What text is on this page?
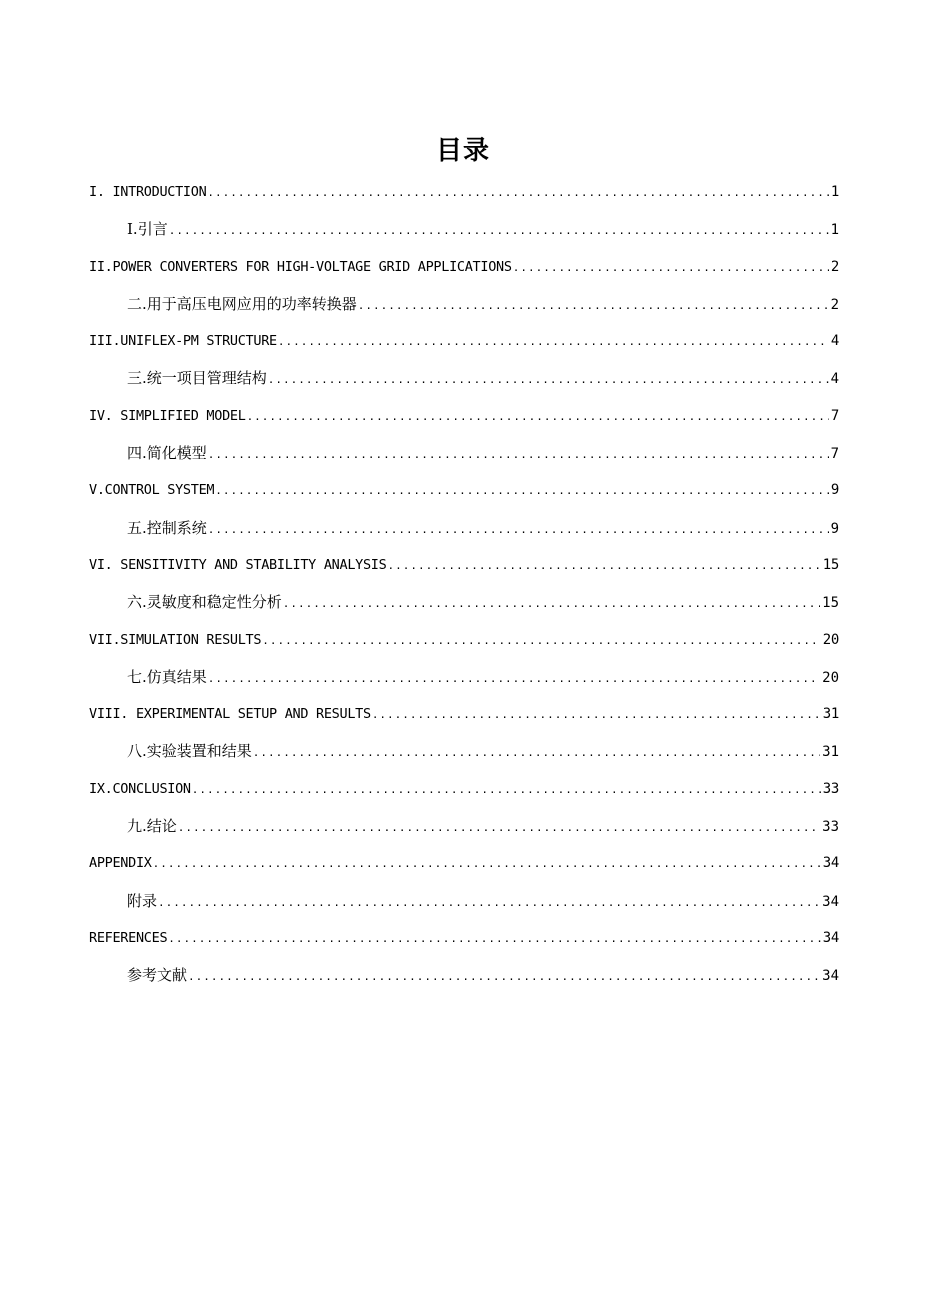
目录
I. INTRODUCTION .....	1
Ⅰ.引言 .....	1
II.POWER CONVERTERS FOR HIGH-VOLTAGE GRID APPLICATIONS .....	2
二.用于高压电网应用的功率转换器 .....	2
III.UNIFLEX-PM STRUCTURE .....	4
三.统一项目管理结构 .....	4
IV. SIMPLIFIED MODEL .....	7
四.简化模型 .....	7
V.CONTROL SYSTEM .....	9
五.控制系统 .....	9
VI. SENSITIVITY AND STABILITY ANALYSIS .....	15
六.灵敏度和稳定性分析 .....	15
VII.SIMULATION RESULTS .....	20
七.仿真结果 .....	20
VIII. EXPERIMENTAL SETUP AND RESULTS .....	31
八.实验装置和结果 .....	31
IX.CONCLUSION .....	33
九.结论 .....	33
APPENDIX .....	34
附录 .....	34
REFERENCES .....	34
参考文献 .....	34
